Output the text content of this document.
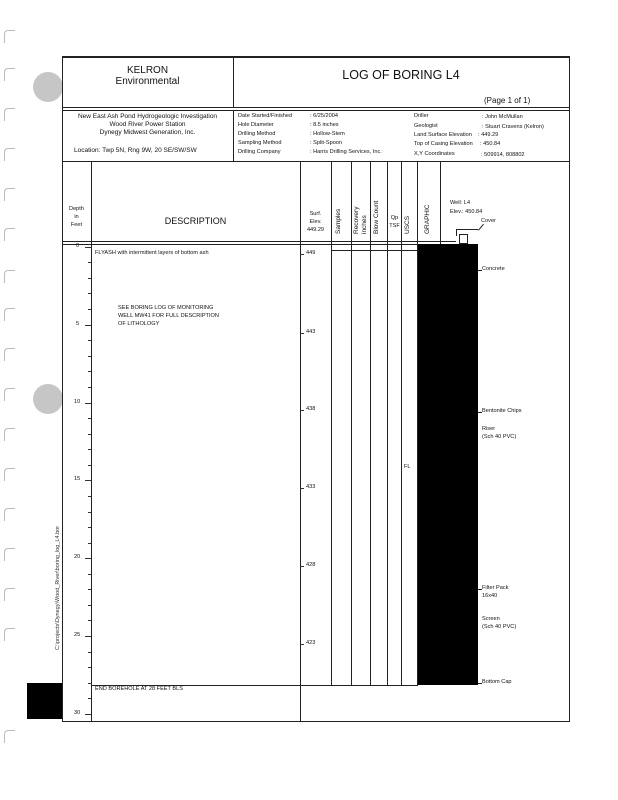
C:\projects\Dynegy\Wood_River\boring_log_L4.bor
KELRON
Environmental	LOG OF BORING L4
(Page 1 of 1)
New East Ash Pond Hydrogeologic Investigation
Wood River Power Station
Dynegy Midwest Generation, Inc.
Location: Twp 5N, Rng 9W, 20 SE/SW/SW
Date Started/Finished	: 6/25/2004
Hole Diameter	: 8.5 inches
Drilling Method	: Hollow-Stem
Sampling Method	: Split-Spoon
Drilling Company	: Harris Drilling Services, Inc.
Driller	: John McMullan
Geologist	: Stuart Cravens (Kelron)
Land Surface Elevation : 449.29
Top of Casing Elevation : 450.84
X,Y Coordinates	: 509914, 808802
Depth
in
Feet	DESCRIPTION
Surf.
Elev.
449.29	Samples Recovery inches Blow Count	Qp
TSF USCS GRAPHIC
Well: L4
Elev.: 450.84
Cover
0
5
10
15
20
25
30
449
443
438
433
428
423
FLYASH with intermittent layers of bottom ash
SEE BORING LOG OF MONITORING
WELL MW41 FOR FULL DESCRIPTION
OF LITHOLOGY
END BOREHOLE AT 28 FEET BLS
FL
Concrete
Bentonite Chips
Riser
(Sch 40 PVC)
Filter Pack
16x40
Screen
(Sch 40 PVC)
Bottom Cap
